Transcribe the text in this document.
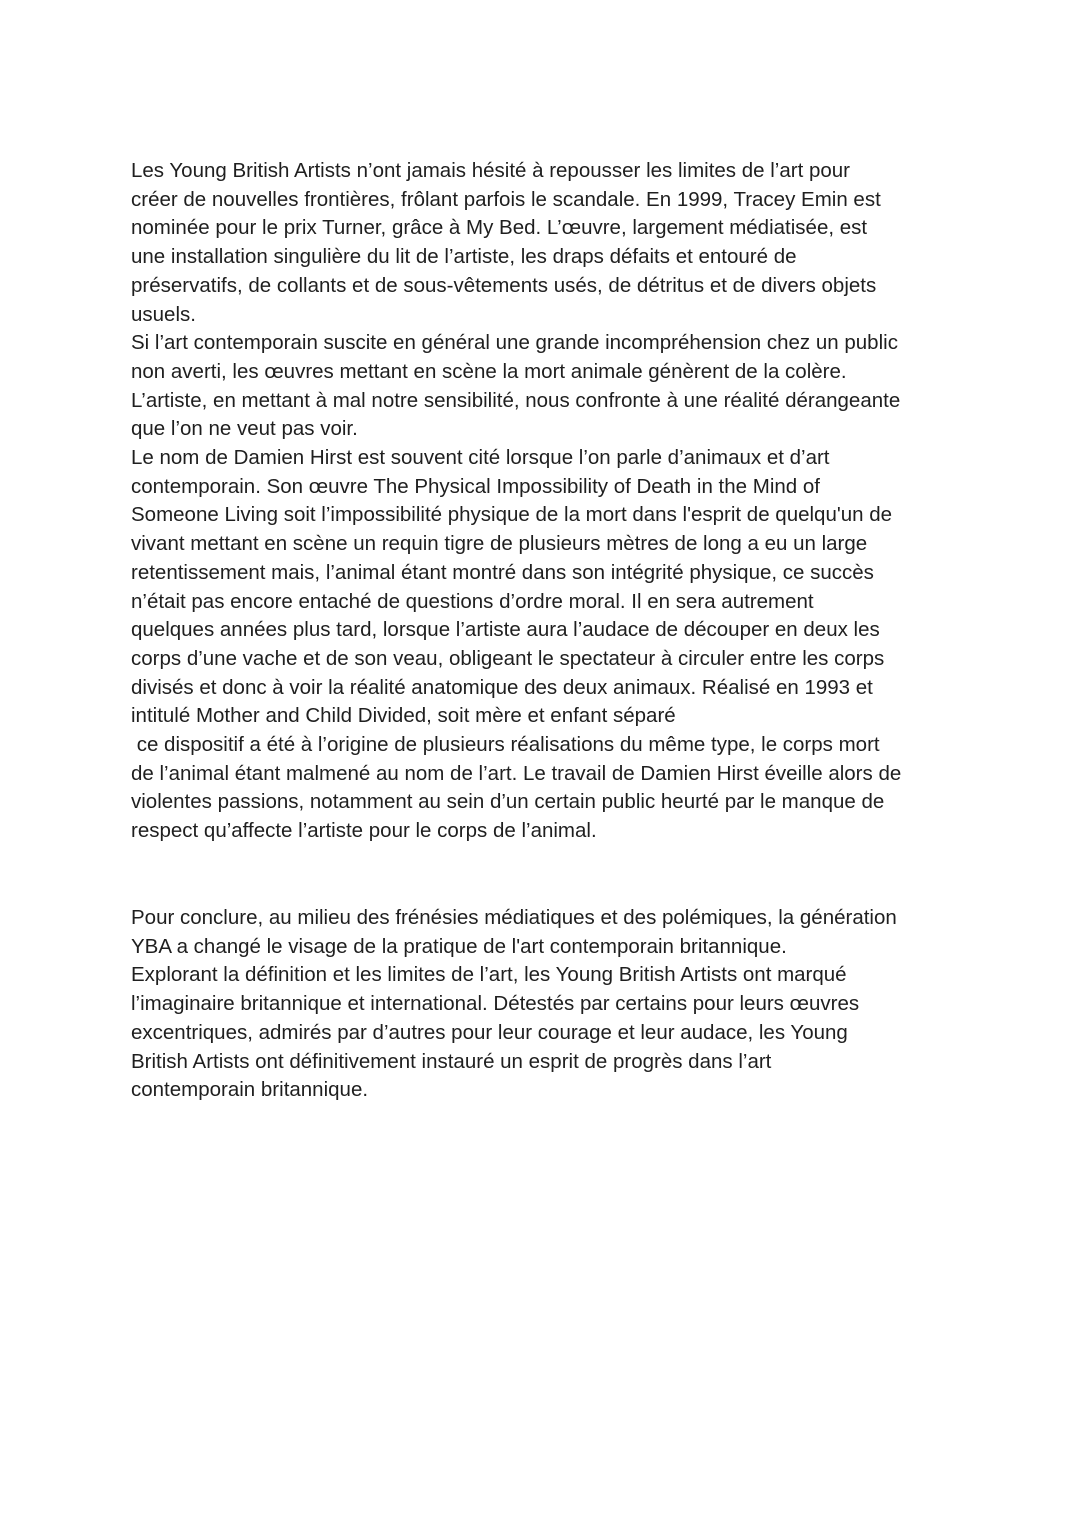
Les Young British Artists n’ont jamais hésité à repousser les limites de l’art pour
créer de nouvelles frontières, frôlant parfois le scandale. En 1999, Tracey Emin est
nominée pour le prix Turner, grâce à My Bed. L’œuvre, largement médiatisée, est
une installation singulière du lit de l’artiste, les draps défaits et entouré de
préservatifs, de collants et de sous-vêtements usés, de détritus et de divers objets
usuels.
Si l’art contemporain suscite en général une grande incompréhension chez un public
non averti, les œuvres mettant en scène la mort animale génèrent de la colère.
L’artiste, en mettant à mal notre sensibilité, nous confronte à une réalité dérangeante
que l’on ne veut pas voir.
Le nom de Damien Hirst est souvent cité lorsque l’on parle d’animaux et d’art
contemporain. Son œuvre The Physical Impossibility of Death in the Mind of
Someone Living soit l’impossibilité physique de la mort dans l'esprit de quelqu'un de
vivant mettant en scène un requin tigre de plusieurs mètres de long a eu un large
retentissement mais, l’animal étant montré dans son intégrité physique, ce succès
n’était pas encore entaché de questions d’ordre moral. Il en sera autrement
quelques années plus tard, lorsque l’artiste aura l’audace de découper en deux les
corps d’une vache et de son veau, obligeant le spectateur à circuler entre les corps
divisés et donc à voir la réalité anatomique des deux animaux. Réalisé en 1993 et
intitulé Mother and Child Divided, soit mère et enfant séparé
ce dispositif a été à l’origine de plusieurs réalisations du même type, le corps mort
de l’animal étant malmené au nom de l’art. Le travail de Damien Hirst éveille alors de
violentes passions, notamment au sein d’un certain public heurté par le manque de
respect qu’affecte l’artiste pour le corps de l’animal.
Pour conclure, au milieu des frénésies médiatiques et des polémiques, la génération
YBA a changé le visage de la pratique de l'art contemporain britannique.
Explorant la définition et les limites de l’art, les Young British Artists ont marqué
l’imaginaire britannique et international. Détestés par certains pour leurs œuvres
excentriques, admirés par d’autres pour leur courage et leur audace, les Young
British Artists ont définitivement instauré un esprit de progrès dans l’art
contemporain britannique.
